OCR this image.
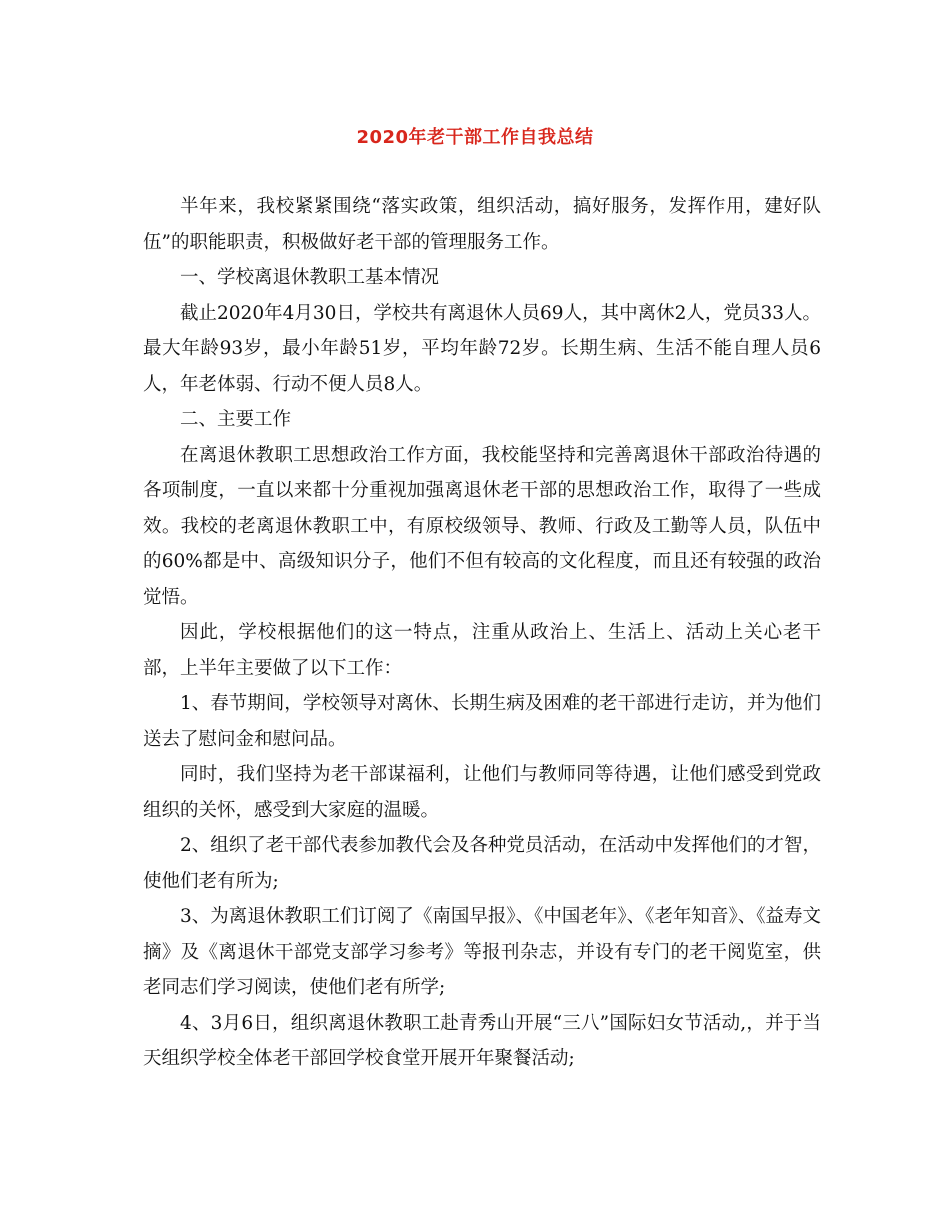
2020年老干部工作自我总结

半年来，我校紧紧围绕“落实政策，组织活动，搞好服务，发挥作用，建好队伍”的职能职责，积极做好老干部的管理服务工作。

一、学校离退休教职工基本情况

截止2020年4月30日，学校共有离退休人员69人，其中离休2人，党员33人。最大年龄93岁，最小年龄51岁，平均年龄72岁。长期生病、生活不能自理人员6人，年老体弱、行动不便人员8人。

二、主要工作

在离退休教职工思想政治工作方面，我校能坚持和完善离退休干部政治待遇的各项制度，一直以来都十分重视加强离退休老干部的思想政治工作，取得了一些成效。我校的老离退休教职工中，有原校级领导、教师、行政及工勤等人员，队伍中的60%都是中、高级知识分子，他们不但有较高的文化程度，而且还有较强的政治觉悟。

因此，学校根据他们的这一特点，注重从政治上、生活上、活动上关心老干部，上半年主要做了以下工作：

1、春节期间，学校领导对离休、长期生病及困难的老干部进行走访，并为他们送去了慰问金和慰问品。

同时，我们坚持为老干部谋福利，让他们与教师同等待遇，让他们感受到党政组织的关怀，感受到大家庭的温暖。

2、组织了老干部代表参加教代会及各种党员活动，在活动中发挥他们的才智，使他们老有所为;

3、为离退休教职工们订阅了《南国早报》、《中国老年》、《老年知音》、《益寿文摘》及《离退休干部党支部学习参考》等报刊杂志，并设有专门的老干阅览室，供老同志们学习阅读，使他们老有所学;

4、3月6日，组织离退休教职工赴青秀山开展“三八”国际妇女节活动,，并于当天组织学校全体老干部回学校食堂开展开年聚餐活动;
